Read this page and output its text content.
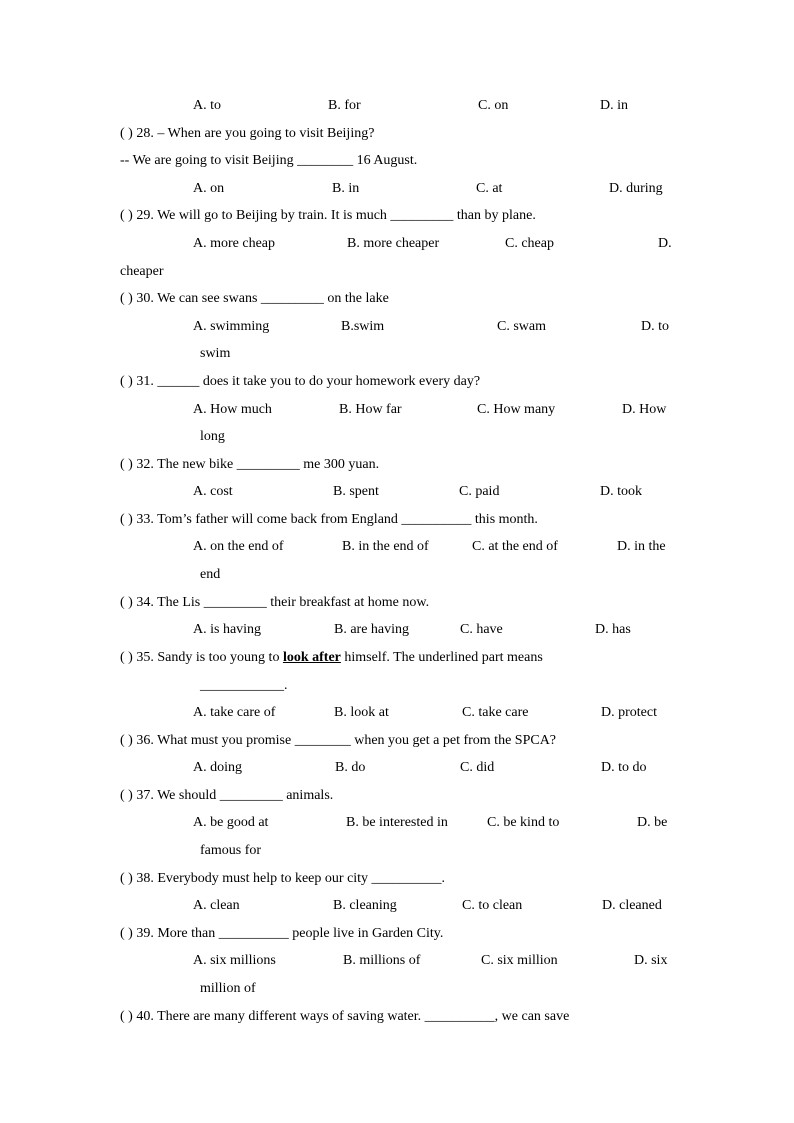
A. to	B. for	C. on	D. in
( ) 28. – When are you going to visit Beijing?
-- We are going to visit Beijing ________ 16 August.
A. on	B. in	C. at	D. during
( ) 29. We will go to Beijing by train. It is much _________ than by plane.
A. more cheap	B. more cheaper	C. cheap	D.
cheaper
( ) 30. We can see swans _________ on the lake
A. swimming	B.swim	C. swam	D. to
swim
( ) 31. ______ does it take you to do your homework every day?
A. How much	B. How far	C. How many	D. How
long
( ) 32. The new bike _________ me 300 yuan.
A. cost	B. spent	C. paid	D. took
( ) 33. Tom’s father will come back from England __________ this month.
A. on the end of	B. in the end of	C. at the end of	D. in the
end
( ) 34. The Lis _________ their breakfast at home now.
A. is having	B. are having	C. have	D. has
( ) 35. Sandy is too young to look after himself. The underlined part means
____________.
A. take care of	B. look at	C. take care	D. protect
( ) 36. What must you promise ________ when you get a pet from the SPCA?
A. doing	B. do	C. did	D. to do
( ) 37. We should _________ animals.
A. be good at	B. be interested in	C. be kind to	D. be
famous for
( ) 38. Everybody must help to keep our city __________.
A. clean	B. cleaning	C. to clean	D. cleaned
( ) 39. More than __________ people live in Garden City.
A. six millions	B. millions of	C. six million	D. six
million of
( ) 40. There are many different ways of saving water. __________, we can save
